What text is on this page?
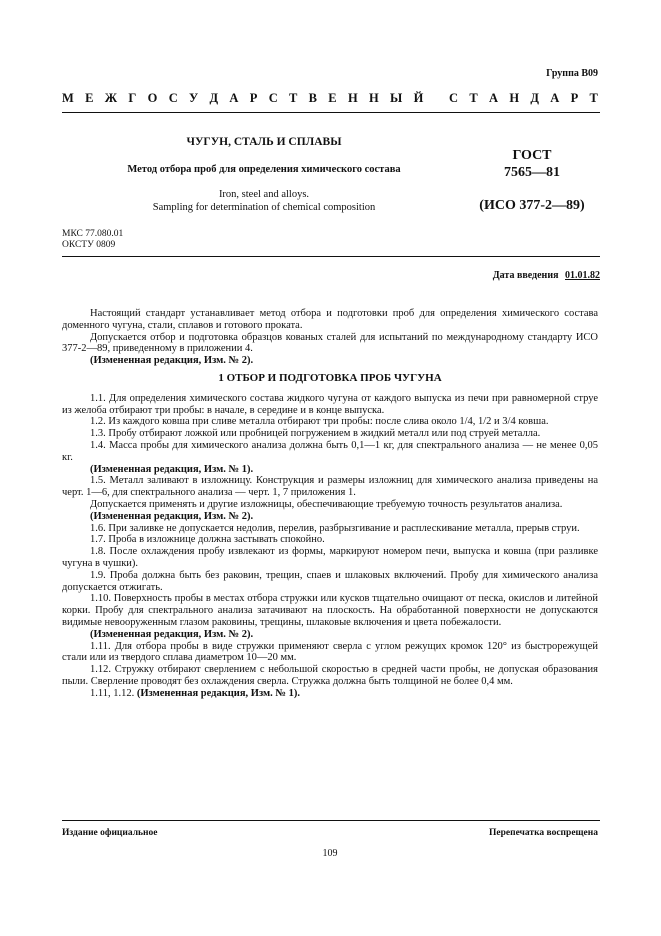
Группа В09
М Е Ж Г О С У Д А Р С Т В Е Н Н Ы Й
С Т А Н Д А Р Т
ЧУГУН, СТАЛЬ И СПЛАВЫ
Метод отбора проб для определения химического состава
Iron, steel and alloys.
Sampling for determination of chemical composition
ГОСТ
7565—81
(ИСО 377-2—89)
МКС 77.080.01
ОКСТУ 0809
Дата введения 01.01.82

Настоящий стандарт устанавливает метод отбора и подготовки проб для определения химического состава доменного чугуна, стали, сплавов и готового проката.

Допускается отбор и подготовка образцов кованых сталей для испытаний по международному стандарту ИСО 377-2—89, приведенному в приложении 4.

(Измененная редакция, Изм. № 2).

1 ОТБОР И ПОДГОТОВКА ПРОБ ЧУГУНА

1.1. Для определения химического состава жидкого чугуна от каждого выпуска из печи при равномерной струе из желоба отбирают три пробы: в начале, в середине и в конце выпуска.

1.2. Из каждого ковша при сливе металла отбирают три пробы: после слива около 1/4, 1/2 и 3/4 ковша.

1.3. Пробу отбирают ложкой или пробницей погружением в жидкий металл или под струей металла.

1.4. Масса пробы для химического анализа должна быть 0,1—1 кг, для спектрального анализа — не менее 0,05 кг.

(Измененная редакция, Изм. № 1).

1.5. Металл заливают в изложницу. Конструкция и размеры изложниц для химического анализа приведены на черт. 1—6, для спектрального анализа — черт. 1, 7 приложения 1.

Допускается применять и другие изложницы, обеспечивающие требуемую точность результатов анализа.

(Измененная редакция, Изм. № 2).

1.6. При заливке не допускается недолив, перелив, разбрызгивание и расплескивание металла, прерыв струи.

1.7. Проба в изложнице должна застывать спокойно.

1.8. После охлаждения пробу извлекают из формы, маркируют номером печи, выпуска и ковша (при разливке чугуна в чушки).

1.9. Проба должна быть без раковин, трещин, спаев и шлаковых включений. Пробу для химического анализа допускается отжигать.

1.10. Поверхность пробы в местах отбора стружки или кусков тщательно очищают от песка, окислов и литейной корки. Пробу для спектрального анализа затачивают на плоскость. На обработанной поверхности не допускаются видимые невооруженным глазом раковины, трещины, шлаковые включения и цвета побежалости.

(Измененная редакция, Изм. № 2).

1.11. Для отбора пробы в виде стружки применяют сверла с углом режущих кромок 120° из быстрорежущей стали или из твердого сплава диаметром 10—20 мм.

1.12. Стружку отбирают сверлением с небольшой скоростью в средней части пробы, не допуская образования пыли. Сверление проводят без охлаждения сверла. Стружка должна быть толщиной не более 0,4 мм.

1.11, 1.12. (Измененная редакция, Изм. № 1).

Издание официальное	Перепечатка воспрещена
109
